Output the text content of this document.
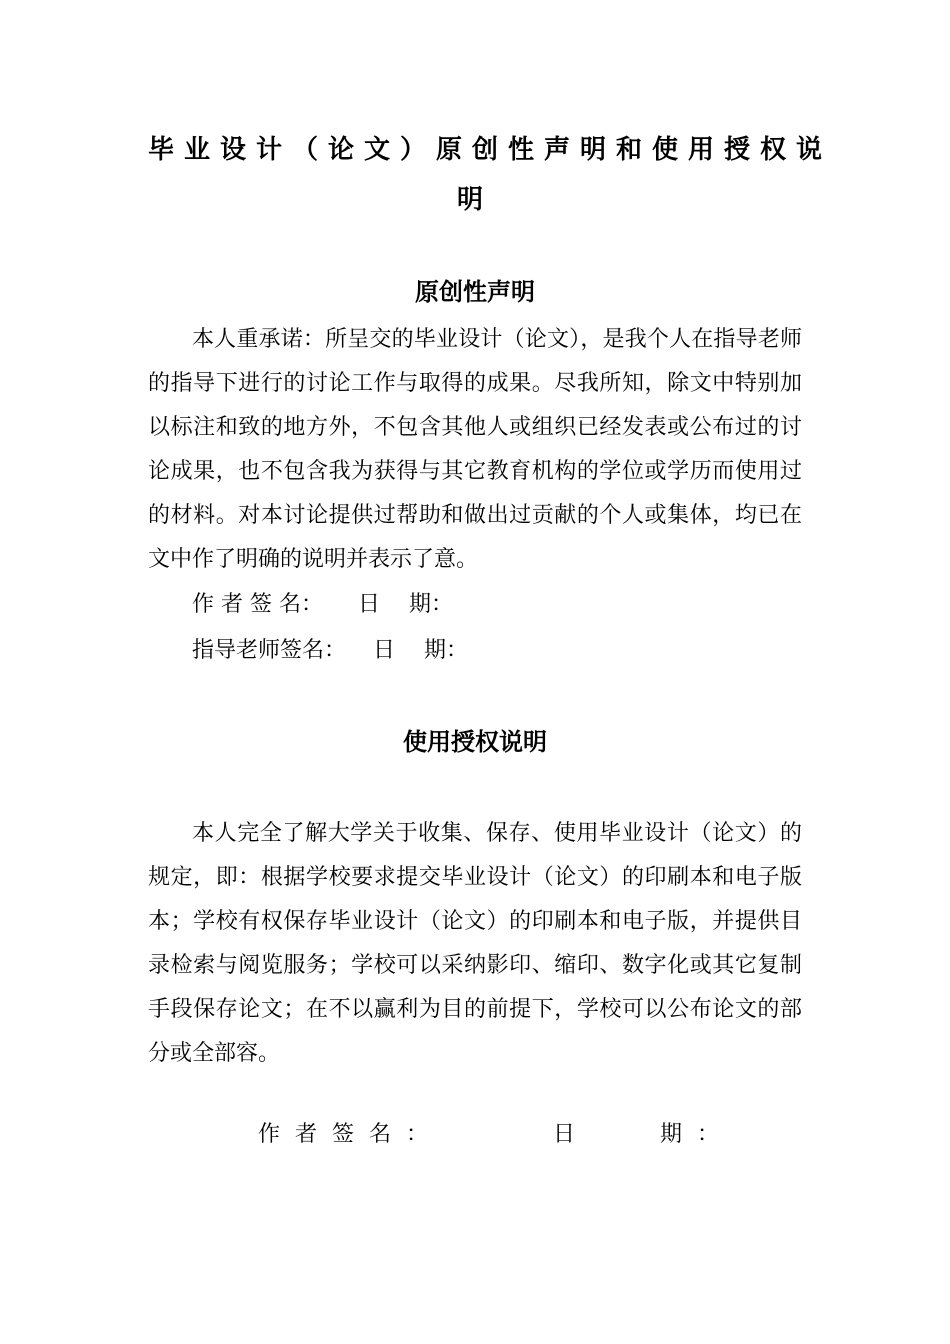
毕业设计（论文）原创性声明和使用授权说
明
原创性声明

本人重承诺：所呈交的毕业设计（论文），是我个人在指导老师的指导下进行的讨论工作与取得的成果。尽我所知，除文中特别加以标注和致的地方外，不包含其他人或组织已经发表或公布过的讨论成果，也不包含我为获得与其它教育机构的学位或学历而使用过的材料。对本讨论提供过帮助和做出过贡献的个人或集体，均已在文中作了明确的说明并表示了意。

作 者 签 名： 日　 期：
指导老师签名： 日　 期：
使用授权说明

本人完全了解大学关于收集、保存、使用毕业设计（论文）的规定，即：根据学校要求提交毕业设计（论文）的印刷本和电子版本；学校有权保存毕业设计（论文）的印刷本和电子版，并提供目录检索与阅览服务；学校可以采纳影印、缩印、数字化或其它复制手段保存论文；在不以赢利为目的前提下，学校可以公布论文的部分或全部容。

作 者 签 名 ：	日	期 ：
